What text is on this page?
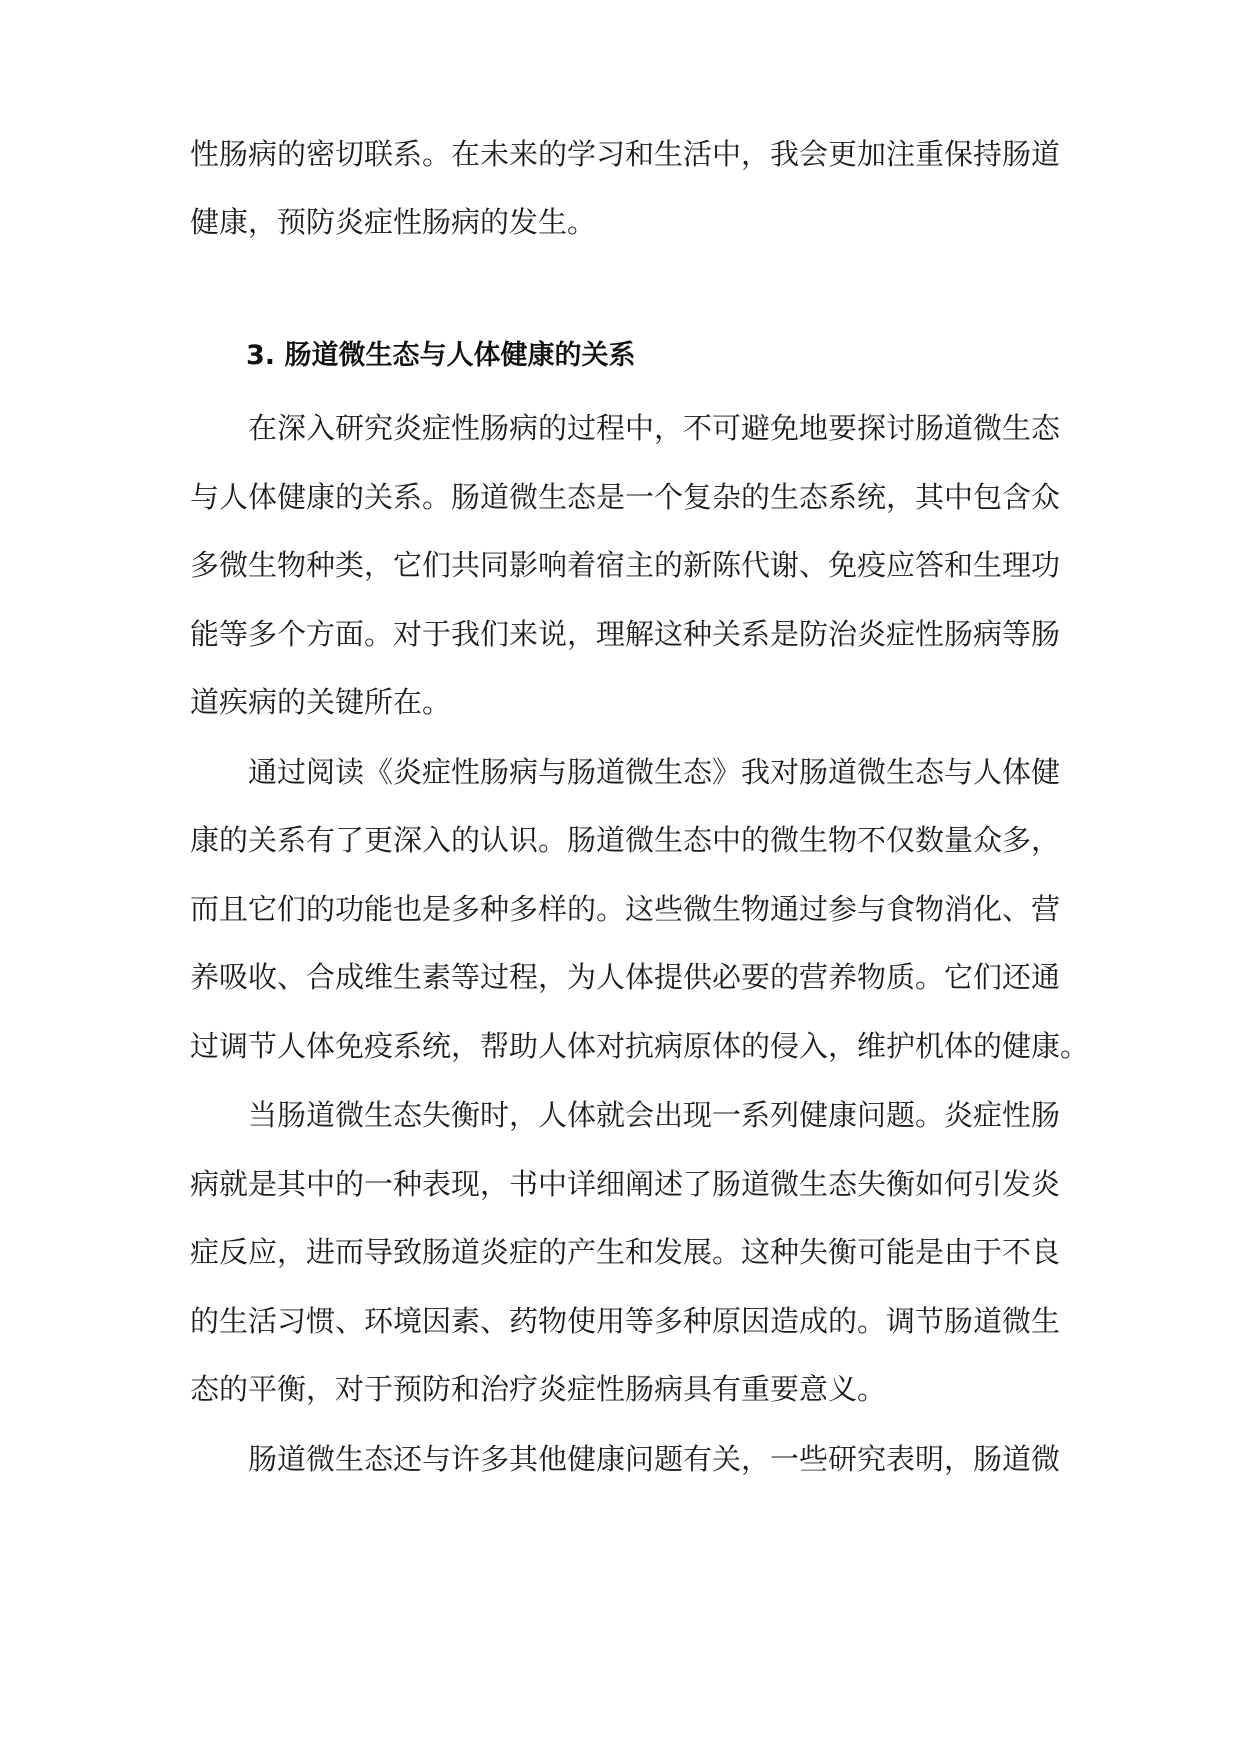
性肠病的密切联系。在未来的学习和生活中，我会更加注重保持肠道
健康，预防炎症性肠病的发生。
3. 肠道微生态与人体健康的关系
在深入研究炎症性肠病的过程中，不可避免地要探讨肠道微生态
与人体健康的关系。肠道微生态是一个复杂的生态系统，其中包含众
多微生物种类，它们共同影响着宿主的新陈代谢、免疫应答和生理功
能等多个方面。对于我们来说，理解这种关系是防治炎症性肠病等肠
道疾病的关键所在。
通过阅读《炎症性肠病与肠道微生态》我对肠道微生态与人体健
康的关系有了更深入的认识。肠道微生态中的微生物不仅数量众多，
而且它们的功能也是多种多样的。这些微生物通过参与食物消化、营
养吸收、合成维生素等过程，为人体提供必要的营养物质。它们还通
过调节人体免疫系统，帮助人体对抗病原体的侵入，维护机体的健康。
当肠道微生态失衡时，人体就会出现一系列健康问题。炎症性肠
病就是其中的一种表现，书中详细阐述了肠道微生态失衡如何引发炎
症反应，进而导致肠道炎症的产生和发展。这种失衡可能是由于不良
的生活习惯、环境因素、药物使用等多种原因造成的。调节肠道微生
态的平衡，对于预防和治疗炎症性肠病具有重要意义。
肠道微生态还与许多其他健康问题有关，一些研究表明，肠道微
